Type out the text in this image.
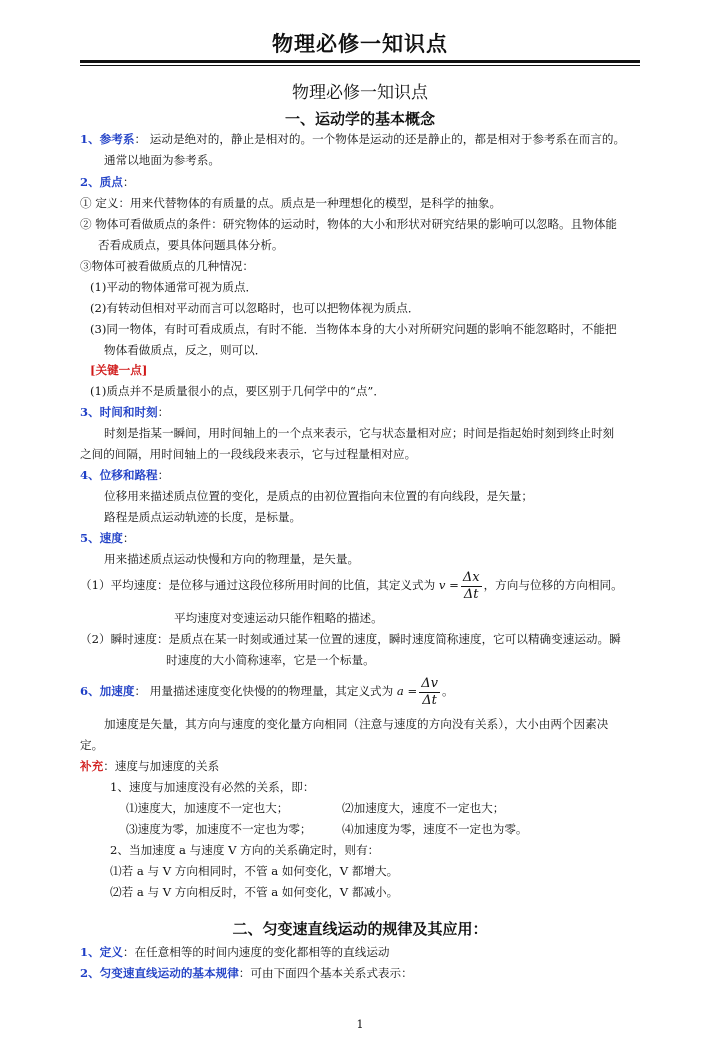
物理必修一知识点
物理必修一知识点
一、运动学的基本概念
1、参考系： 运动是绝对的，静止是相对的。一个物体是运动的还是静止的，都是相对于参考系在而言的。
通常以地面为参考系。
2、质点：
① 定义：用来代替物体的有质量的点。质点是一种理想化的模型，是科学的抽象。
② 物体可看做质点的条件：研究物体的运动时，物体的大小和形状对研究结果的影响可以忽略。且物体能
否看成质点，要具体问题具体分析。
③物体可被看做质点的几种情况：
(1)平动的物体通常可视为质点．
(2)有转动但相对平动而言可以忽略时，也可以把物体视为质点．
(3)同一物体，有时可看成质点，有时不能．当物体本身的大小对所研究问题的影响不能忽略时，不能把
物体看做质点，反之，则可以．
[关键一点]
(1)质点并不是质量很小的点，要区别于几何学中的“点”．
3、时间和时刻：
时刻是指某一瞬间，用时间轴上的一个点来表示，它与状态量相对应；时间是指起始时刻到终止时刻
之间的间隔，用时间轴上的一段线段来表示，它与过程量相对应。
4、位移和路程：
位移用来描述质点位置的变化，是质点的由初位置指向末位置的有向线段，是矢量；
路程是质点运动轨迹的长度，是标量。
5、速度：
用来描述质点运动快慢和方向的物理量，是矢量。
（1）平均速度：是位移与通过这段位移所用时间的比值，其定义式为 $v = \frac{\Delta x}{\Delta t}$ ，方向与位移的方向相同。
平均速度对变速运动只能作粗略的描述。
（2）瞬时速度：是质点在某一时刻或通过某一位置的速度，瞬时速度简称速度，它可以精确变速运动。瞬
时速度的大小简称速率，它是一个标量。
6、加速度： 用量描述速度变化快慢的的物理量，其定义式为 $a = \frac{\Delta v}{\Delta t}$ 。
加速度是矢量，其方向与速度的变化量方向相同（注意与速度的方向没有关系），大小由两个因素决
定。
补充：速度与加速度的关系
1、速度与加速度没有必然的关系，即：
⑴速度大，加速度不一定也大；	⑵加速度大，速度不一定也大；
⑶速度为零，加速度不一定也为零；	⑷加速度为零，速度不一定也为零。
2、当加速度 a 与速度 V 方向的关系确定时，则有：
⑴若 a 与 V 方向相同时，不管 a 如何变化，V 都增大。
⑵若 a 与 V 方向相反时，不管 a 如何变化，V 都减小。
二、匀变速直线运动的规律及其应用：
1、定义：在任意相等的时间内速度的变化都相等的直线运动
2、匀变速直线运动的基本规律：可由下面四个基本关系式表示：
1
